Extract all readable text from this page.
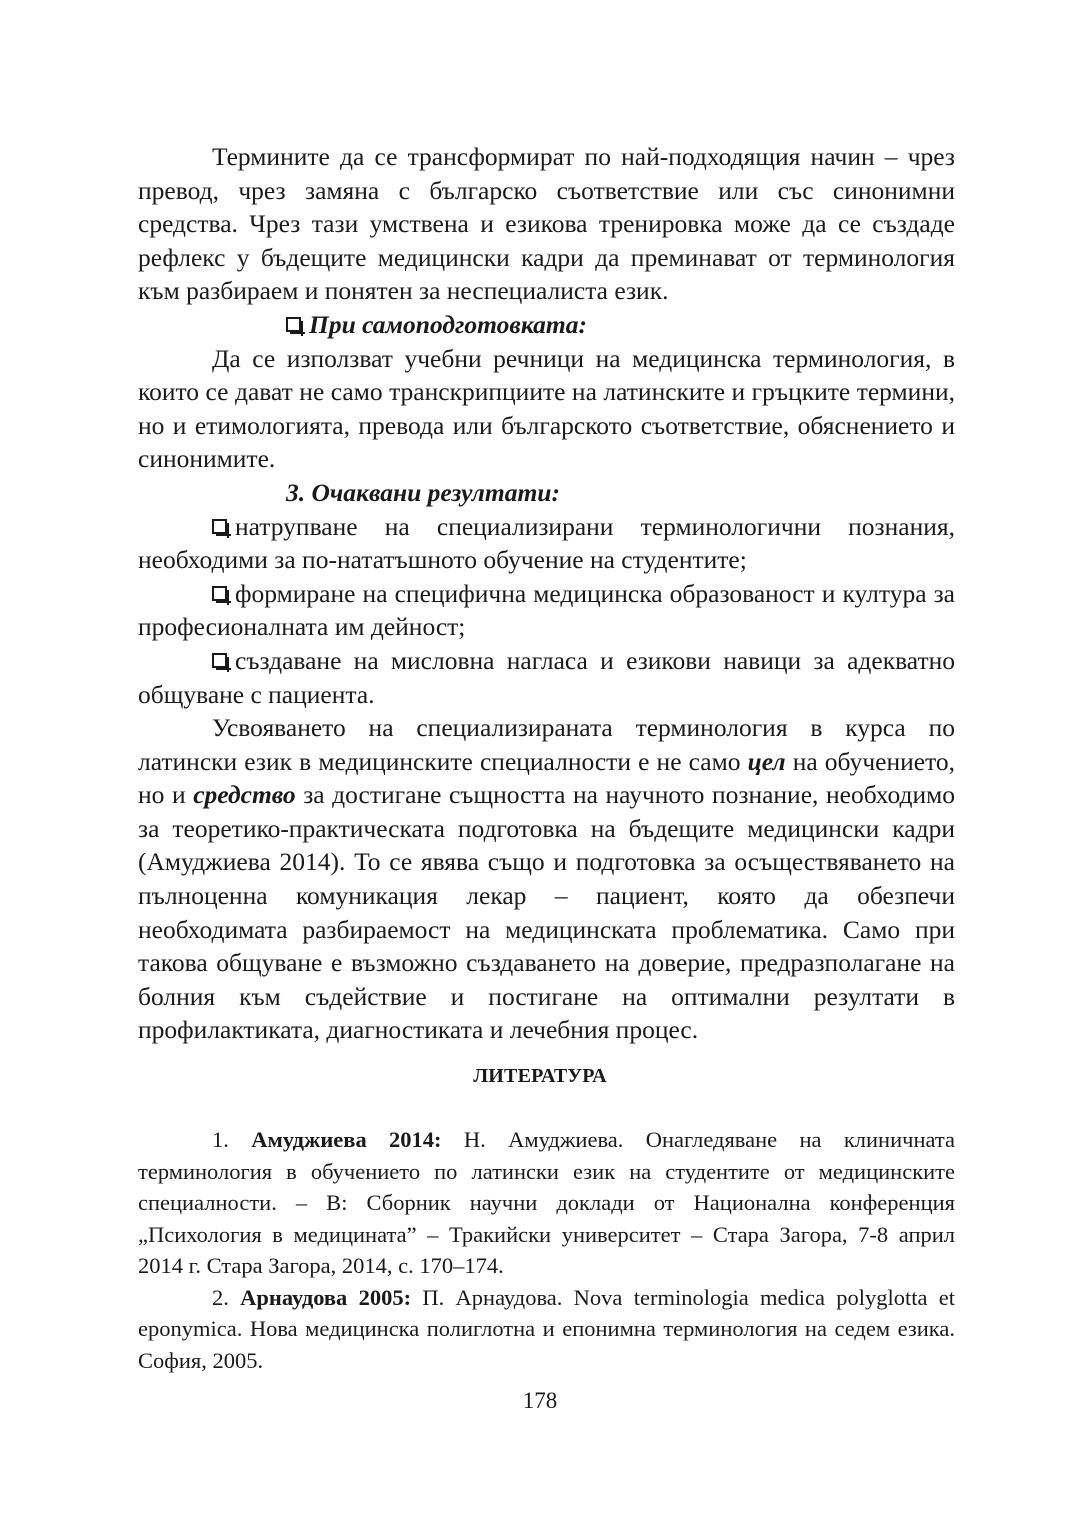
Термините да се трансформират по най-подходящия начин – чрез превод, чрез замяна с българско съответствие или със синонимни средства. Чрез тази умствена и езикова тренировка може да се създаде рефлекс у бъдещите медицински кадри да преминават от терминология към разбираем и понятен за неспециалиста език.

При самоподготовката:

Да се използват учебни речници на медицинска терминология, в които се дават не само транскрипциите на латинските и гръцките термини, но и етимологията, превода или българското съответствие, обяснението и синонимите.

3. Очаквани резултати:

натрупване на специализирани терминологични познания, необходими за по-нататъшното обучение на студентите;

формиране на специфична медицинска образованост и култура за професионалната им дейност;

създаване на мисловна нагласа и езикови навици за адекватно общуване с пациента.

Усвояването на специализираната терминология в курса по латински език в медицинските специалности е не само цел на обучението, но и средство за достигане същността на научното познание, необходимо за теоретико-практическата подготовка на бъдещите медицински кадри (Амуджиева 2014). То се явява също и подготовка за осъществяването на пълноценна комуникация лекар – пациент, която да обезпечи необходимата разбираемост на медицинската проблематика. Само при такова общуване е възможно създаването на доверие, предразполагане на болния към съдействие и постигане на оптимални резултати в профилактиката, диагностиката и лечебния процес.

ЛИТЕРАТУРА

1. Амуджиева 2014: Н. Амуджиева. Онагледяване на клиничната терминология в обучението по латински език на студентите от медицинските специалности. – В: Сборник научни доклади от Национална конференция „Психология в медицината” – Тракийски университет – Стара Загора, 7-8 април 2014 г. Стара Загора, 2014, с. 170–174.

2. Арнаудова 2005: П. Арнаудова. Nova terminologia medica polyglotta et eponymica. Нова медицинска полиглотна и епонимна терминология на седем езика. София, 2005.

178
